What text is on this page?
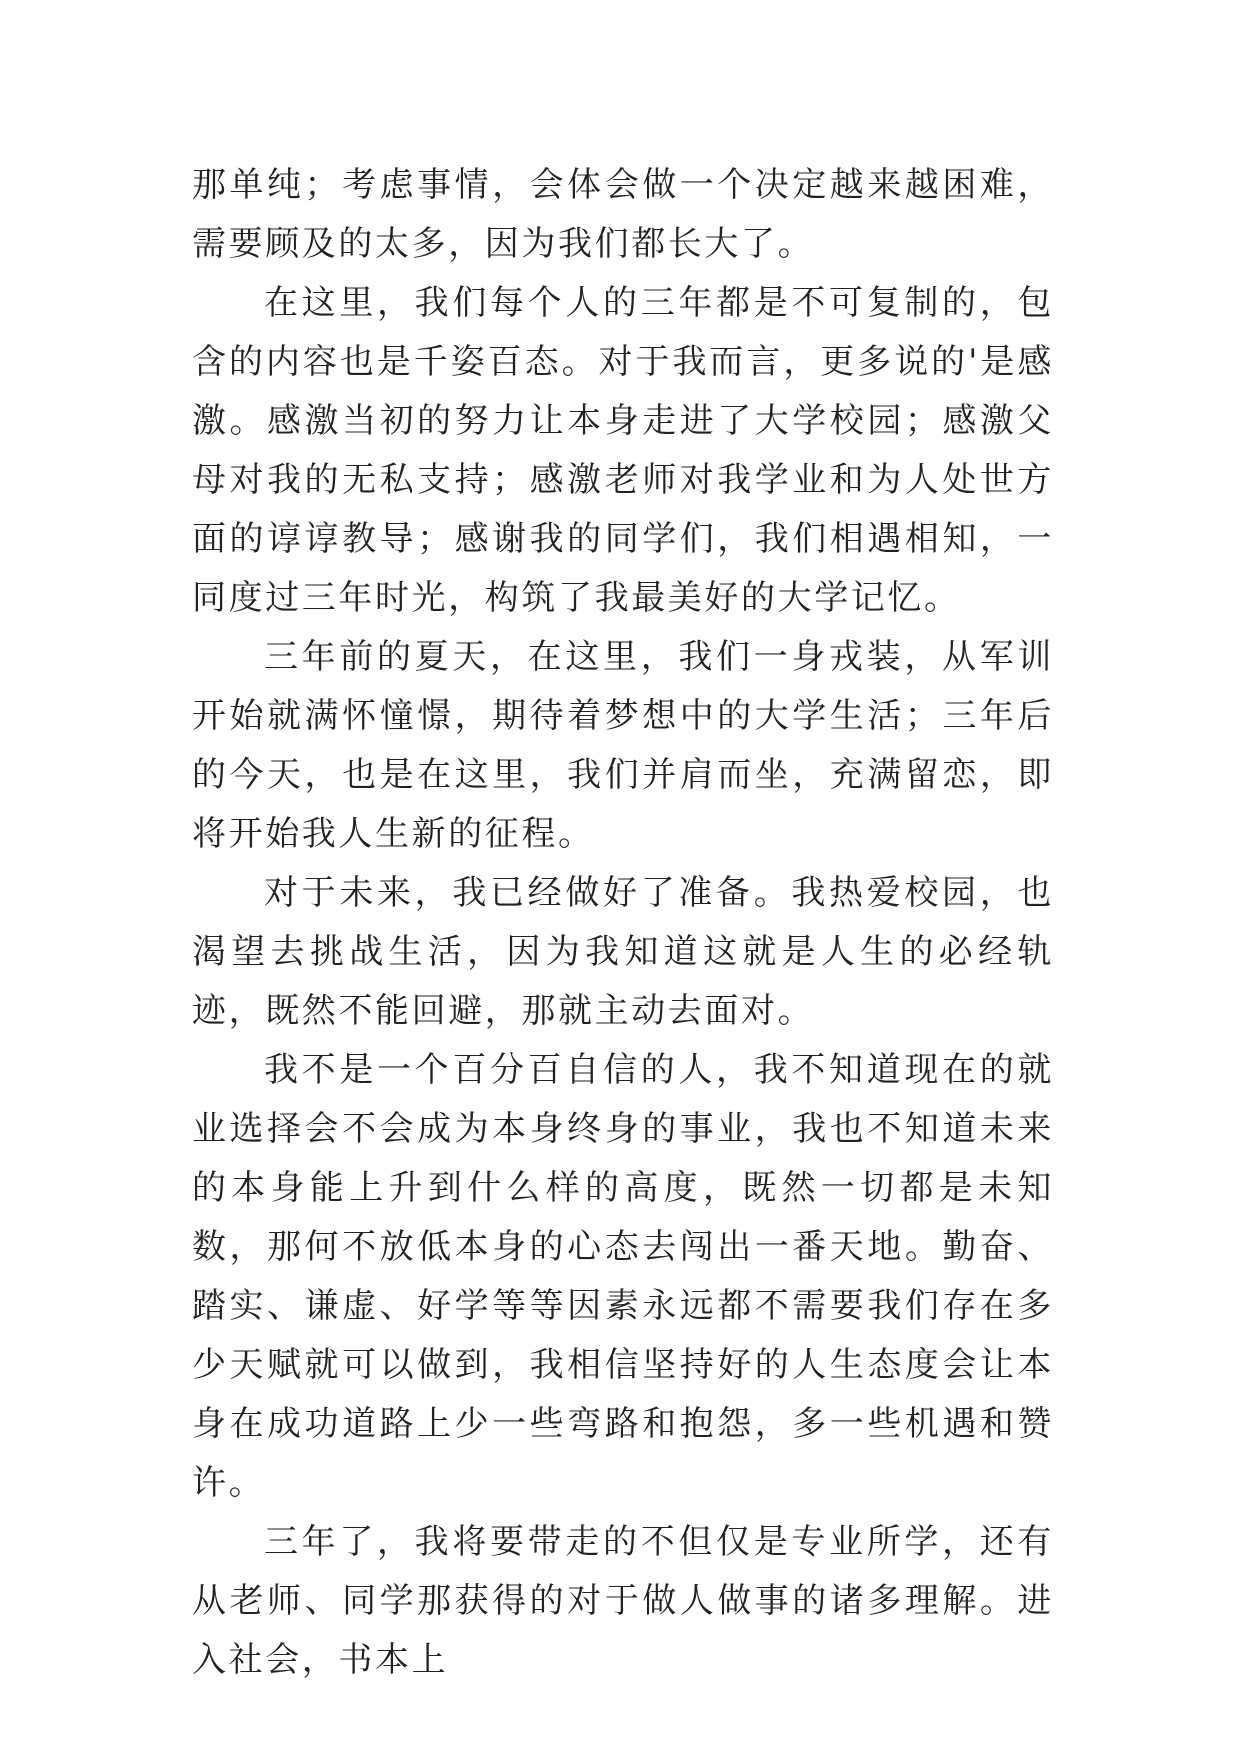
那单纯；考虑事情，会体会做一个决定越来越困难，需要顾及的太多，因为我们都长大了。

在这里，我们每个人的三年都是不可复制的，包含的内容也是千姿百态。对于我而言，更多说的'是感激。感激当初的努力让本身走进了大学校园；感激父母对我的无私支持；感激老师对我学业和为人处世方面的谆谆教导；感谢我的同学们，我们相遇相知，一同度过三年时光，构筑了我最美好的大学记忆。

三年前的夏天，在这里，我们一身戎装，从军训开始就满怀憧憬，期待着梦想中的大学生活；三年后的今天，也是在这里，我们并肩而坐，充满留恋，即将开始我人生新的征程。

对于未来，我已经做好了准备。我热爱校园，也渴望去挑战生活，因为我知道这就是人生的必经轨迹，既然不能回避，那就主动去面对。

我不是一个百分百自信的人，我不知道现在的就业选择会不会成为本身终身的事业，我也不知道未来的本身能上升到什么样的高度，既然一切都是未知数，那何不放低本身的心态去闯出一番天地。勤奋、踏实、谦虚、好学等等因素永远都不需要我们存在多少天赋就可以做到，我相信坚持好的人生态度会让本身在成功道路上少一些弯路和抱怨，多一些机遇和赞许。

三年了，我将要带走的不但仅是专业所学，还有从老师、同学那获得的对于做人做事的诸多理解。进入社会，书本上
